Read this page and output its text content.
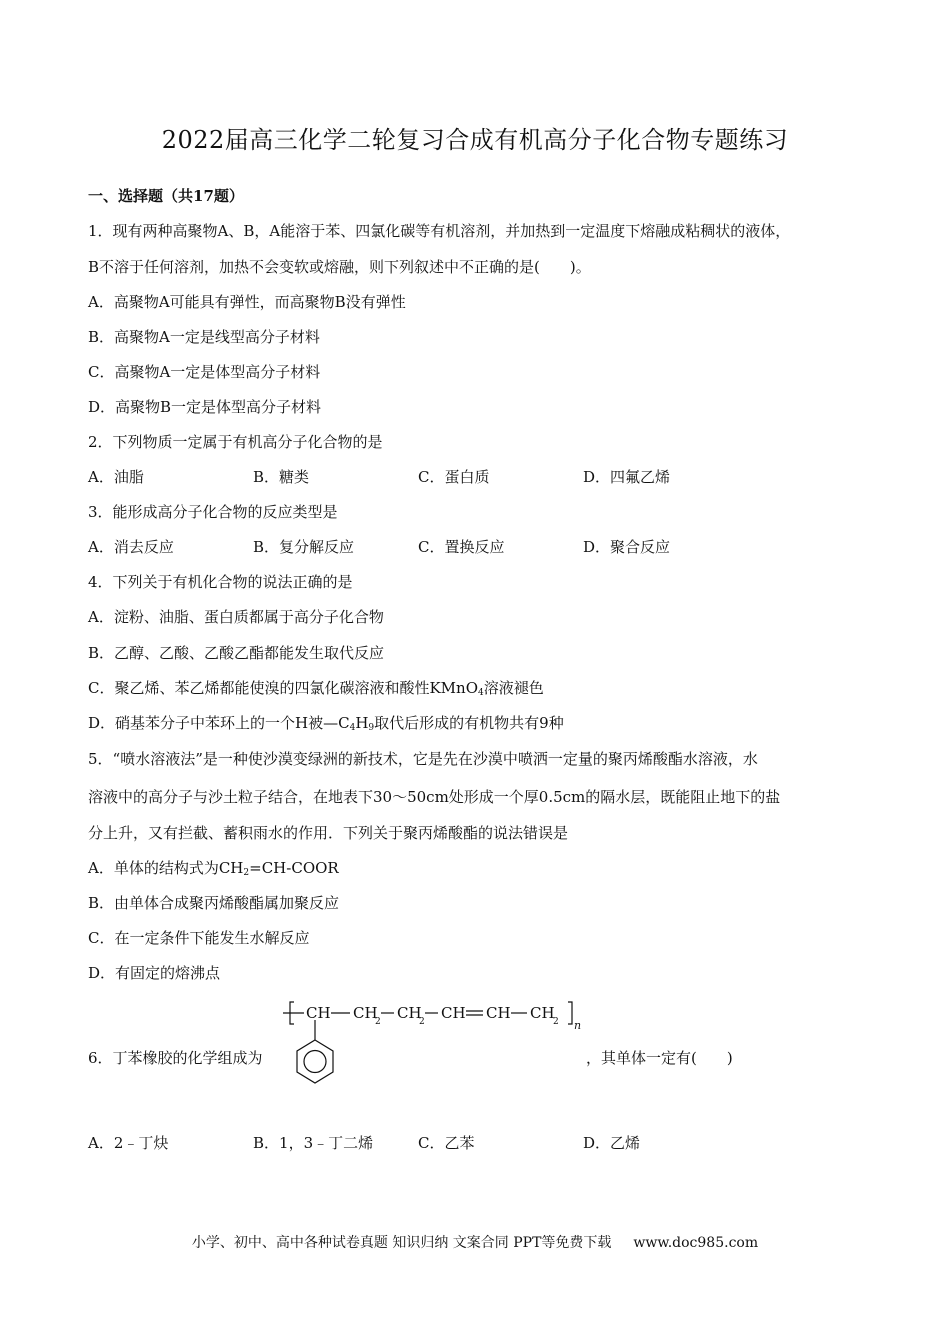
2022届高三化学二轮复习合成有机高分子化合物专题练习
一、选择题（共17题）
1．现有两种高聚物A、B，A能溶于苯、四氯化碳等有机溶剂，并加热到一定温度下熔融成粘稠状的液体，
B不溶于任何溶剂，加热不会变软或熔融，则下列叙述中不正确的是(　　)。
A．高聚物A可能具有弹性，而高聚物B没有弹性
B．高聚物A一定是线型高分子材料
C．高聚物A一定是体型高分子材料
D．高聚物B一定是体型高分子材料
2．下列物质一定属于有机高分子化合物的是
A．油脂	B．糖类	C．蛋白质	D．四氟乙烯
3．能形成高分子化合物的反应类型是
A．消去反应	B．复分解反应	C．置换反应	D．聚合反应
4．下列关于有机化合物的说法正确的是
A．淀粉、油脂、蛋白质都属于高分子化合物
B．乙醇、乙酸、乙酸乙酯都能发生取代反应
C．聚乙烯、苯乙烯都能使溴的四氯化碳溶液和酸性KMnO$_4$溶液褪色
D．硝基苯分子中苯环上的一个H被$—C_4H_9$取代后形成的有机物共有9种
5．“喷水溶液法”是一种使沙漠变绿洲的新技术，它是先在沙漠中喷洒一定量的聚丙烯酸酯水溶液，水
溶液中的高分子与沙土粒子结合，在地表下30～50cm处形成一个厚0.5cm的隔水层，既能阻止地下的盐
分上升，又有拦截、蓄积雨水的作用．下列关于聚丙烯酸酯的说法错误是
A．单体的结构式为$CH_2=CH$-COOR
B．由单体合成聚丙烯酸酯属加聚反应
C．在一定条件下能发生水解反应
D．有固定的熔沸点
6．丁苯橡胶的化学组成为	，其单体一定有(　　)
CH CH
2 CH
2 CH CH CH
2 n
A．2﹣丁炔	B．1，3﹣丁二烯	C．乙苯	D．乙烯
小学、初中、高中各种试卷真题 知识归纳 文案合同 PPT等免费下载 www.doc985.com
